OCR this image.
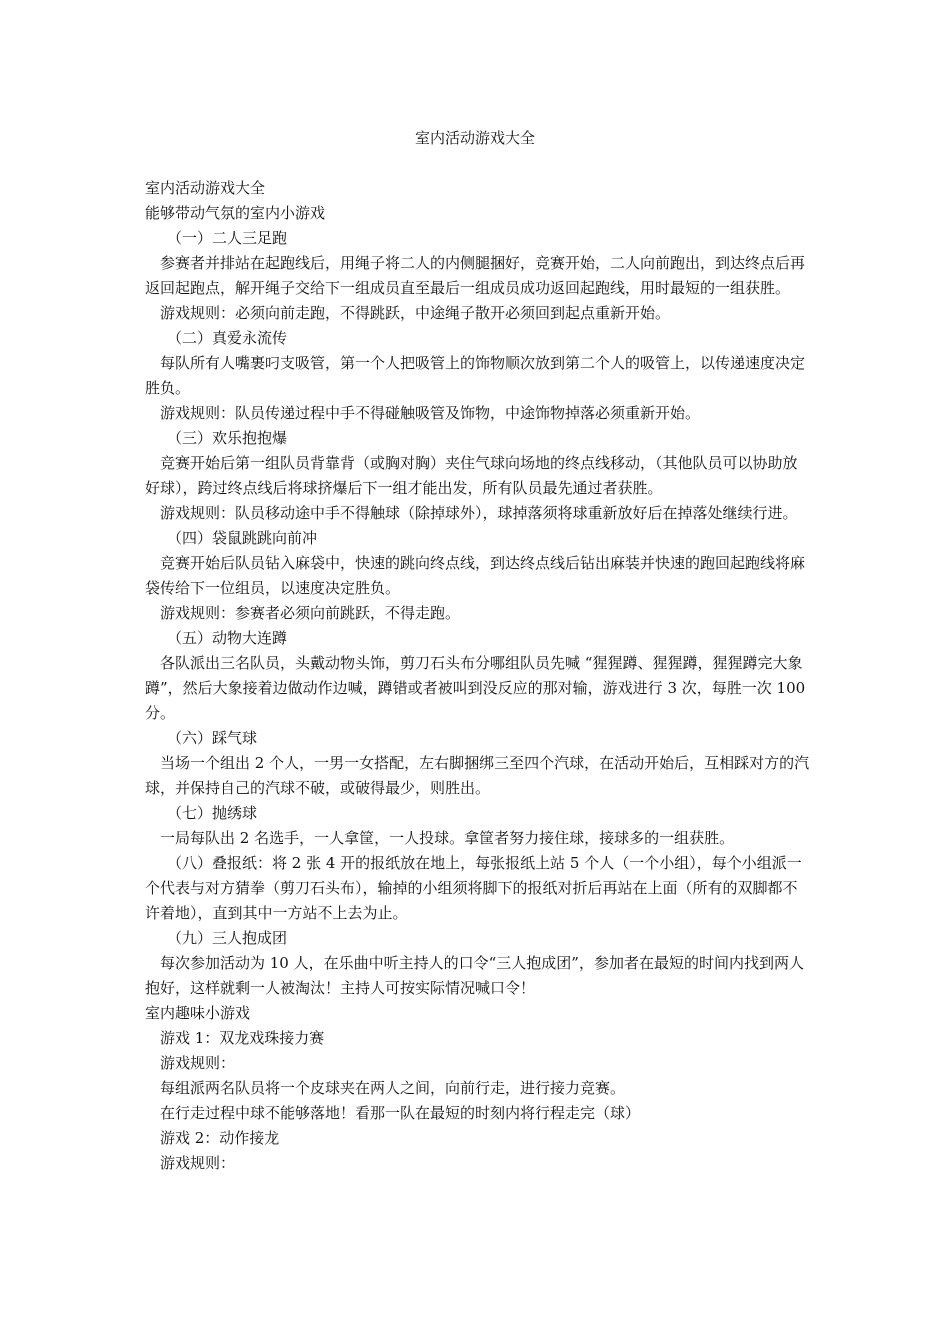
室内活动游戏大全

室内活动游戏大全

能够带动气氛的室内小游戏

（一）二人三足跑

参赛者并排站在起跑线后，用绳子将二人的内侧腿捆好，竞赛开始，二人向前跑出，到达终点后再返回起跑点，解开绳子交给下一组成员直至最后一组成员成功返回起跑线，用时最短的一组获胜。

游戏规则：必须向前走跑，不得跳跃，中途绳子散开必须回到起点重新开始。

（二）真爱永流传

每队所有人嘴裹叼支吸管，第一个人把吸管上的饰物顺次放到第二个人的吸管上，以传递速度决定胜负。

游戏规则：队员传递过程中手不得碰触吸管及饰物，中途饰物掉落必须重新开始。

（三）欢乐抱抱爆

竞赛开始后第一组队员背靠背（或胸对胸）夹住气球向场地的终点线移动，（其他队员可以协助放好球），跨过终点线后将球挤爆后下一组才能出发，所有队员最先通过者获胜。

游戏规则：队员移动途中手不得触球（除掉球外），球掉落须将球重新放好后在掉落处继续行进。

（四）袋鼠跳跳向前冲

竞赛开始后队员钻入麻袋中，快速的跳向终点线，到达终点线后钻出麻装并快速的跑回起跑线将麻袋传给下一位组员，以速度决定胜负。

游戏规则：参赛者必须向前跳跃，不得走跑。

（五）动物大连蹲

各队派出三名队员，头戴动物头饰，剪刀石头布分哪组队员先喊 “猩猩蹲、猩猩蹲，猩猩蹲完大象蹲”，然后大象接着边做动作边喊，蹲错或者被叫到没反应的那对输，游戏进行 3 次，每胜一次 100 分。

（六）踩气球

当场一个组出 2 个人，一男一女搭配，左右脚捆绑三至四个汽球，在活动开始后，互相踩对方的汽球，并保持自己的汽球不破，或破得最少，则胜出。

（七）抛绣球

一局每队出 2 名选手，一人拿筐，一人投球。拿筐者努力接住球，接球多的一组获胜。

（八）叠报纸：将 2 张 4 开的报纸放在地上，每张报纸上站 5 个人（一个小组），每个小组派一个代表与对方猜拳（剪刀石头布），输掉的小组须将脚下的报纸对折后再站在上面（所有的双脚都不许着地），直到其中一方站不上去为止。

（九）三人抱成团

每次参加活动为 10 人，在乐曲中听主持人的口令“三人抱成团”，参加者在最短的时间内找到两人抱好，这样就剩一人被淘汰！主持人可按实际情况喊口令！

室内趣味小游戏

游戏 1：双龙戏珠接力赛

游戏规则：

每组派两名队员将一个皮球夹在两人之间，向前行走，进行接力竞赛。

在行走过程中球不能够落地！看那一队在最短的时刻内将行程走完（球）

游戏 2：动作接龙

游戏规则：
